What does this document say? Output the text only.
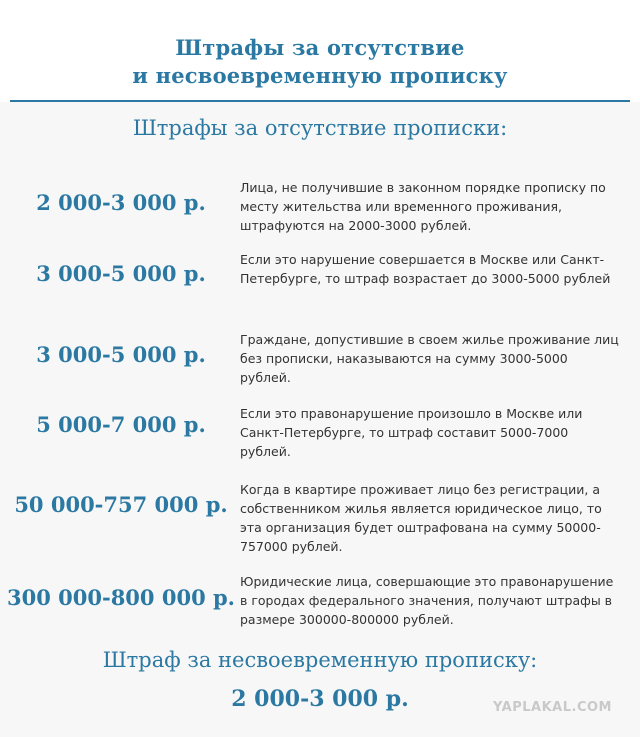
Штрафы за отсутствие
и несвоевременную прописку
Штрафы за отсутствие прописки:
2 000-3 000 р.
Лица, не получившие в законном порядке прописку по месту жительства или временного проживания, штрафуются на 2000-3000 рублей.
3 000-5 000 р.
Если это нарушение совершается в Москве или Санкт-Петербурге, то штраф возрастает до 3000-5000 рублей
3 000-5 000 р.
Граждане, допустившие в своем жилье проживание лиц без прописки, наказываются на сумму 3000-5000 рублей.
5 000-7 000 р.	Если это правонарушение произошло в Москве или Санкт-Петербурге, то штраф составит 5000-7000 рублей.
50 000-757 000 р.
Когда в квартире проживает лицо без регистрации, а собственником жилья является юридическое лицо, то эта организация будет оштрафована на сумму 50000-757000 рублей.
300 000-800 000 р.
Юридические лица, совершающие это правонарушение в городах федерального значения, получают штрафы в размере 300000-800000 рублей.
Штраф за несвоевременную прописку:
2 000-3 000 р.	YAPLAKAL.COM
